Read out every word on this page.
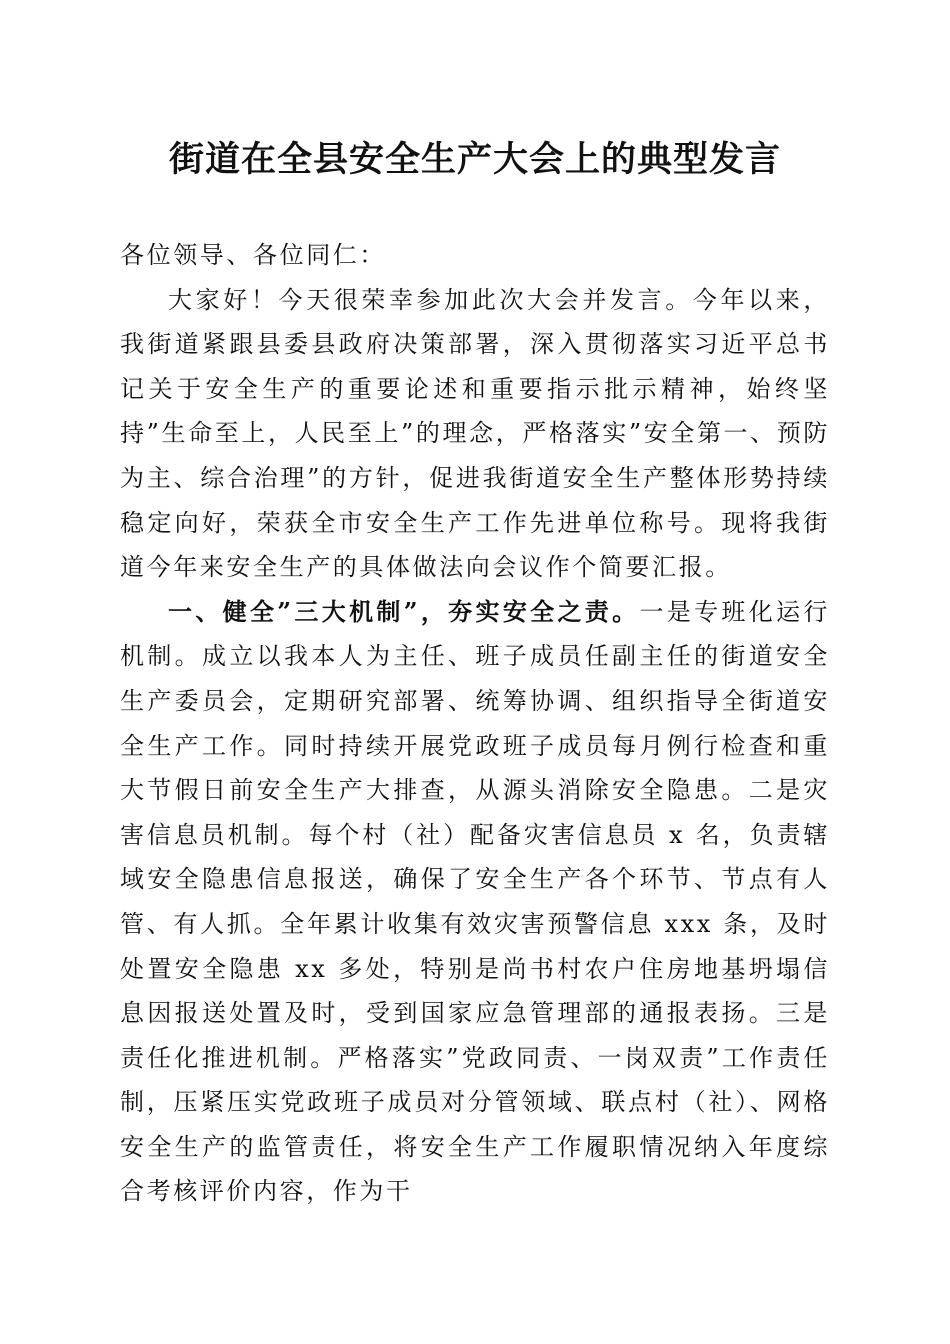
街道在全县安全生产大会上的典型发言

各位领导、各位同仁：

大家好！今天很荣幸参加此次大会并发言。今年以来，我街道紧跟县委县政府决策部署，深入贯彻落实习近平总书记关于安全生产的重要论述和重要指示批示精神，始终坚持”生命至上，人民至上”的理念，严格落实”安全第一、预防为主、综合治理”的方针，促进我街道安全生产整体形势持续稳定向好，荣获全市安全生产工作先进单位称号。现将我街道今年来安全生产的具体做法向会议作个简要汇报。

一、健全”三大机制”，夯实安全之责。一是专班化运行机制。成立以我本人为主任、班子成员任副主任的街道安全生产委员会，定期研究部署、统筹协调、组织指导全街道安全生产工作。同时持续开展党政班子成员每月例行检查和重大节假日前安全生产大排查，从源头消除安全隐患。二是灾害信息员机制。每个村（社）配备灾害信息员 x 名，负责辖域安全隐患信息报送，确保了安全生产各个环节、节点有人管、有人抓。全年累计收集有效灾害预警信息 xxx 条，及时处置安全隐患 xx 多处，特别是尚书村农户住房地基坍塌信息因报送处置及时，受到国家应急管理部的通报表扬。三是责任化推进机制。严格落实”党政同责、一岗双责”工作责任制，压紧压实党政班子成员对分管领域、联点村（社）、网格安全生产的监管责任，将安全生产工作履职情况纳入年度综合考核评价内容，作为干
